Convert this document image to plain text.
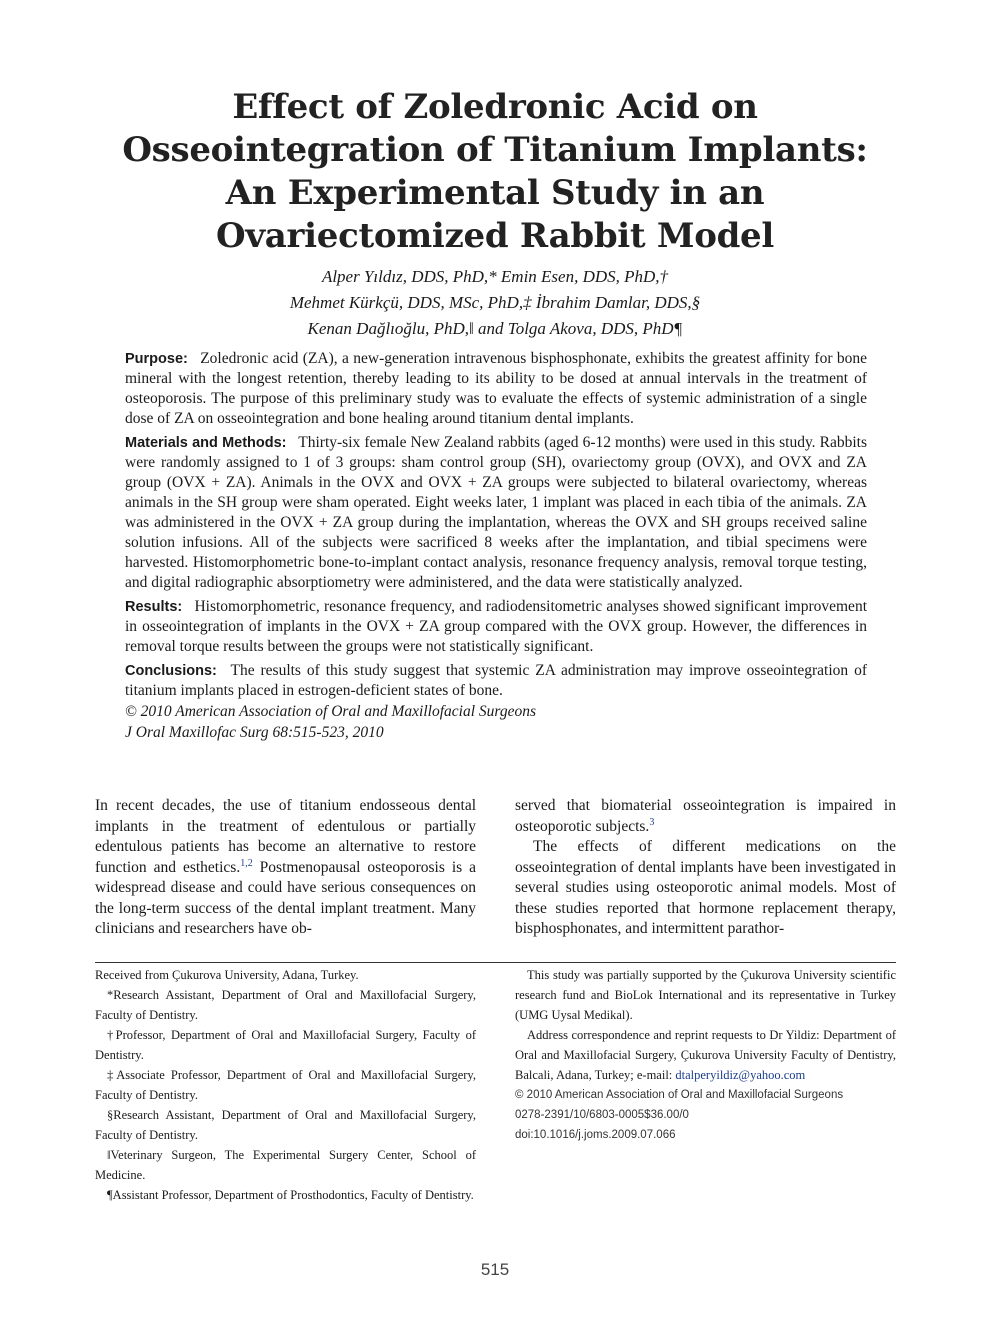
Effect of Zoledronic Acid on
Osseointegration of Titanium Implants:
An Experimental Study in an
Ovariectomized Rabbit Model
Alper Yıldız, DDS, PhD,* Emin Esen, DDS, PhD,†
Mehmet Kürkçü, DDS, MSc, PhD,‡ İbrahim Damlar, DDS,§
Kenan Dağlıoğlu, PhD,‖ and Tolga Akova, DDS, PhD¶

Purpose: Zoledronic acid (ZA), a new-generation intravenous bisphosphonate, exhibits the greatest affinity for bone mineral with the longest retention, thereby leading to its ability to be dosed at annual intervals in the treatment of osteoporosis. The purpose of this preliminary study was to evaluate the effects of systemic administration of a single dose of ZA on osseointegration and bone healing around titanium dental implants.

Materials and Methods: Thirty-six female New Zealand rabbits (aged 6-12 months) were used in this study. Rabbits were randomly assigned to 1 of 3 groups: sham control group (SH), ovariectomy group (OVX), and OVX and ZA group (OVX + ZA). Animals in the OVX and OVX + ZA groups were subjected to bilateral ovariectomy, whereas animals in the SH group were sham operated. Eight weeks later, 1 implant was placed in each tibia of the animals. ZA was administered in the OVX + ZA group during the implantation, whereas the OVX and SH groups received saline solution infusions. All of the subjects were sacrificed 8 weeks after the implantation, and tibial specimens were harvested. Histomorphometric bone-to-implant contact analysis, resonance frequency analysis, removal torque testing, and digital radiographic absorptiometry were administered, and the data were statistically analyzed.

Results: Histomorphometric, resonance frequency, and radiodensitometric analyses showed significant improvement in osseointegration of implants in the OVX + ZA group compared with the OVX group. However, the differences in removal torque results between the groups were not statistically significant.

Conclusions: The results of this study suggest that systemic ZA administration may improve osseointegration of titanium implants placed in estrogen-deficient states of bone.

© 2010 American Association of Oral and Maxillofacial Surgeons

J Oral Maxillofac Surg 68:515-523, 2010

In recent decades, the use of titanium endosseous dental implants in the treatment of edentulous or partially edentulous patients has become an alternative to restore function and esthetics.$^{1,2}$ Postmenopausal osteoporosis is a widespread disease and could have serious consequences on the long-term success of the dental implant treatment. Many clinicians and researchers have ob-

served that biomaterial osseointegration is impaired in osteoporotic subjects.$^3$

The effects of different medications on the osseointegration of dental implants have been investigated in several studies using osteoporotic animal models. Most of these studies reported that hormone replacement therapy, bisphosphonates, and intermittent parathor-

Received from Çukurova University, Adana, Turkey.

*Research Assistant, Department of Oral and Maxillofacial Surgery, Faculty of Dentistry.

†Professor, Department of Oral and Maxillofacial Surgery, Faculty of Dentistry.

‡Associate Professor, Department of Oral and Maxillofacial Surgery, Faculty of Dentistry.

§Research Assistant, Department of Oral and Maxillofacial Surgery, Faculty of Dentistry.

‖Veterinary Surgeon, The Experimental Surgery Center, School of Medicine.

¶Assistant Professor, Department of Prosthodontics, Faculty of Dentistry.

This study was partially supported by the Çukurova University scientific research fund and BioLok International and its representative in Turkey (UMG Uysal Medikal).

Address correspondence and reprint requests to Dr Yildiz: Department of Oral and Maxillofacial Surgery, Çukurova University Faculty of Dentistry, Balcali, Adana, Turkey; e-mail: dtalperyildiz@yahoo.com

© 2010 American Association of Oral and Maxillofacial Surgeons

0278-2391/10/6803-0005$36.00/0

doi:10.1016/j.joms.2009.07.066

515
